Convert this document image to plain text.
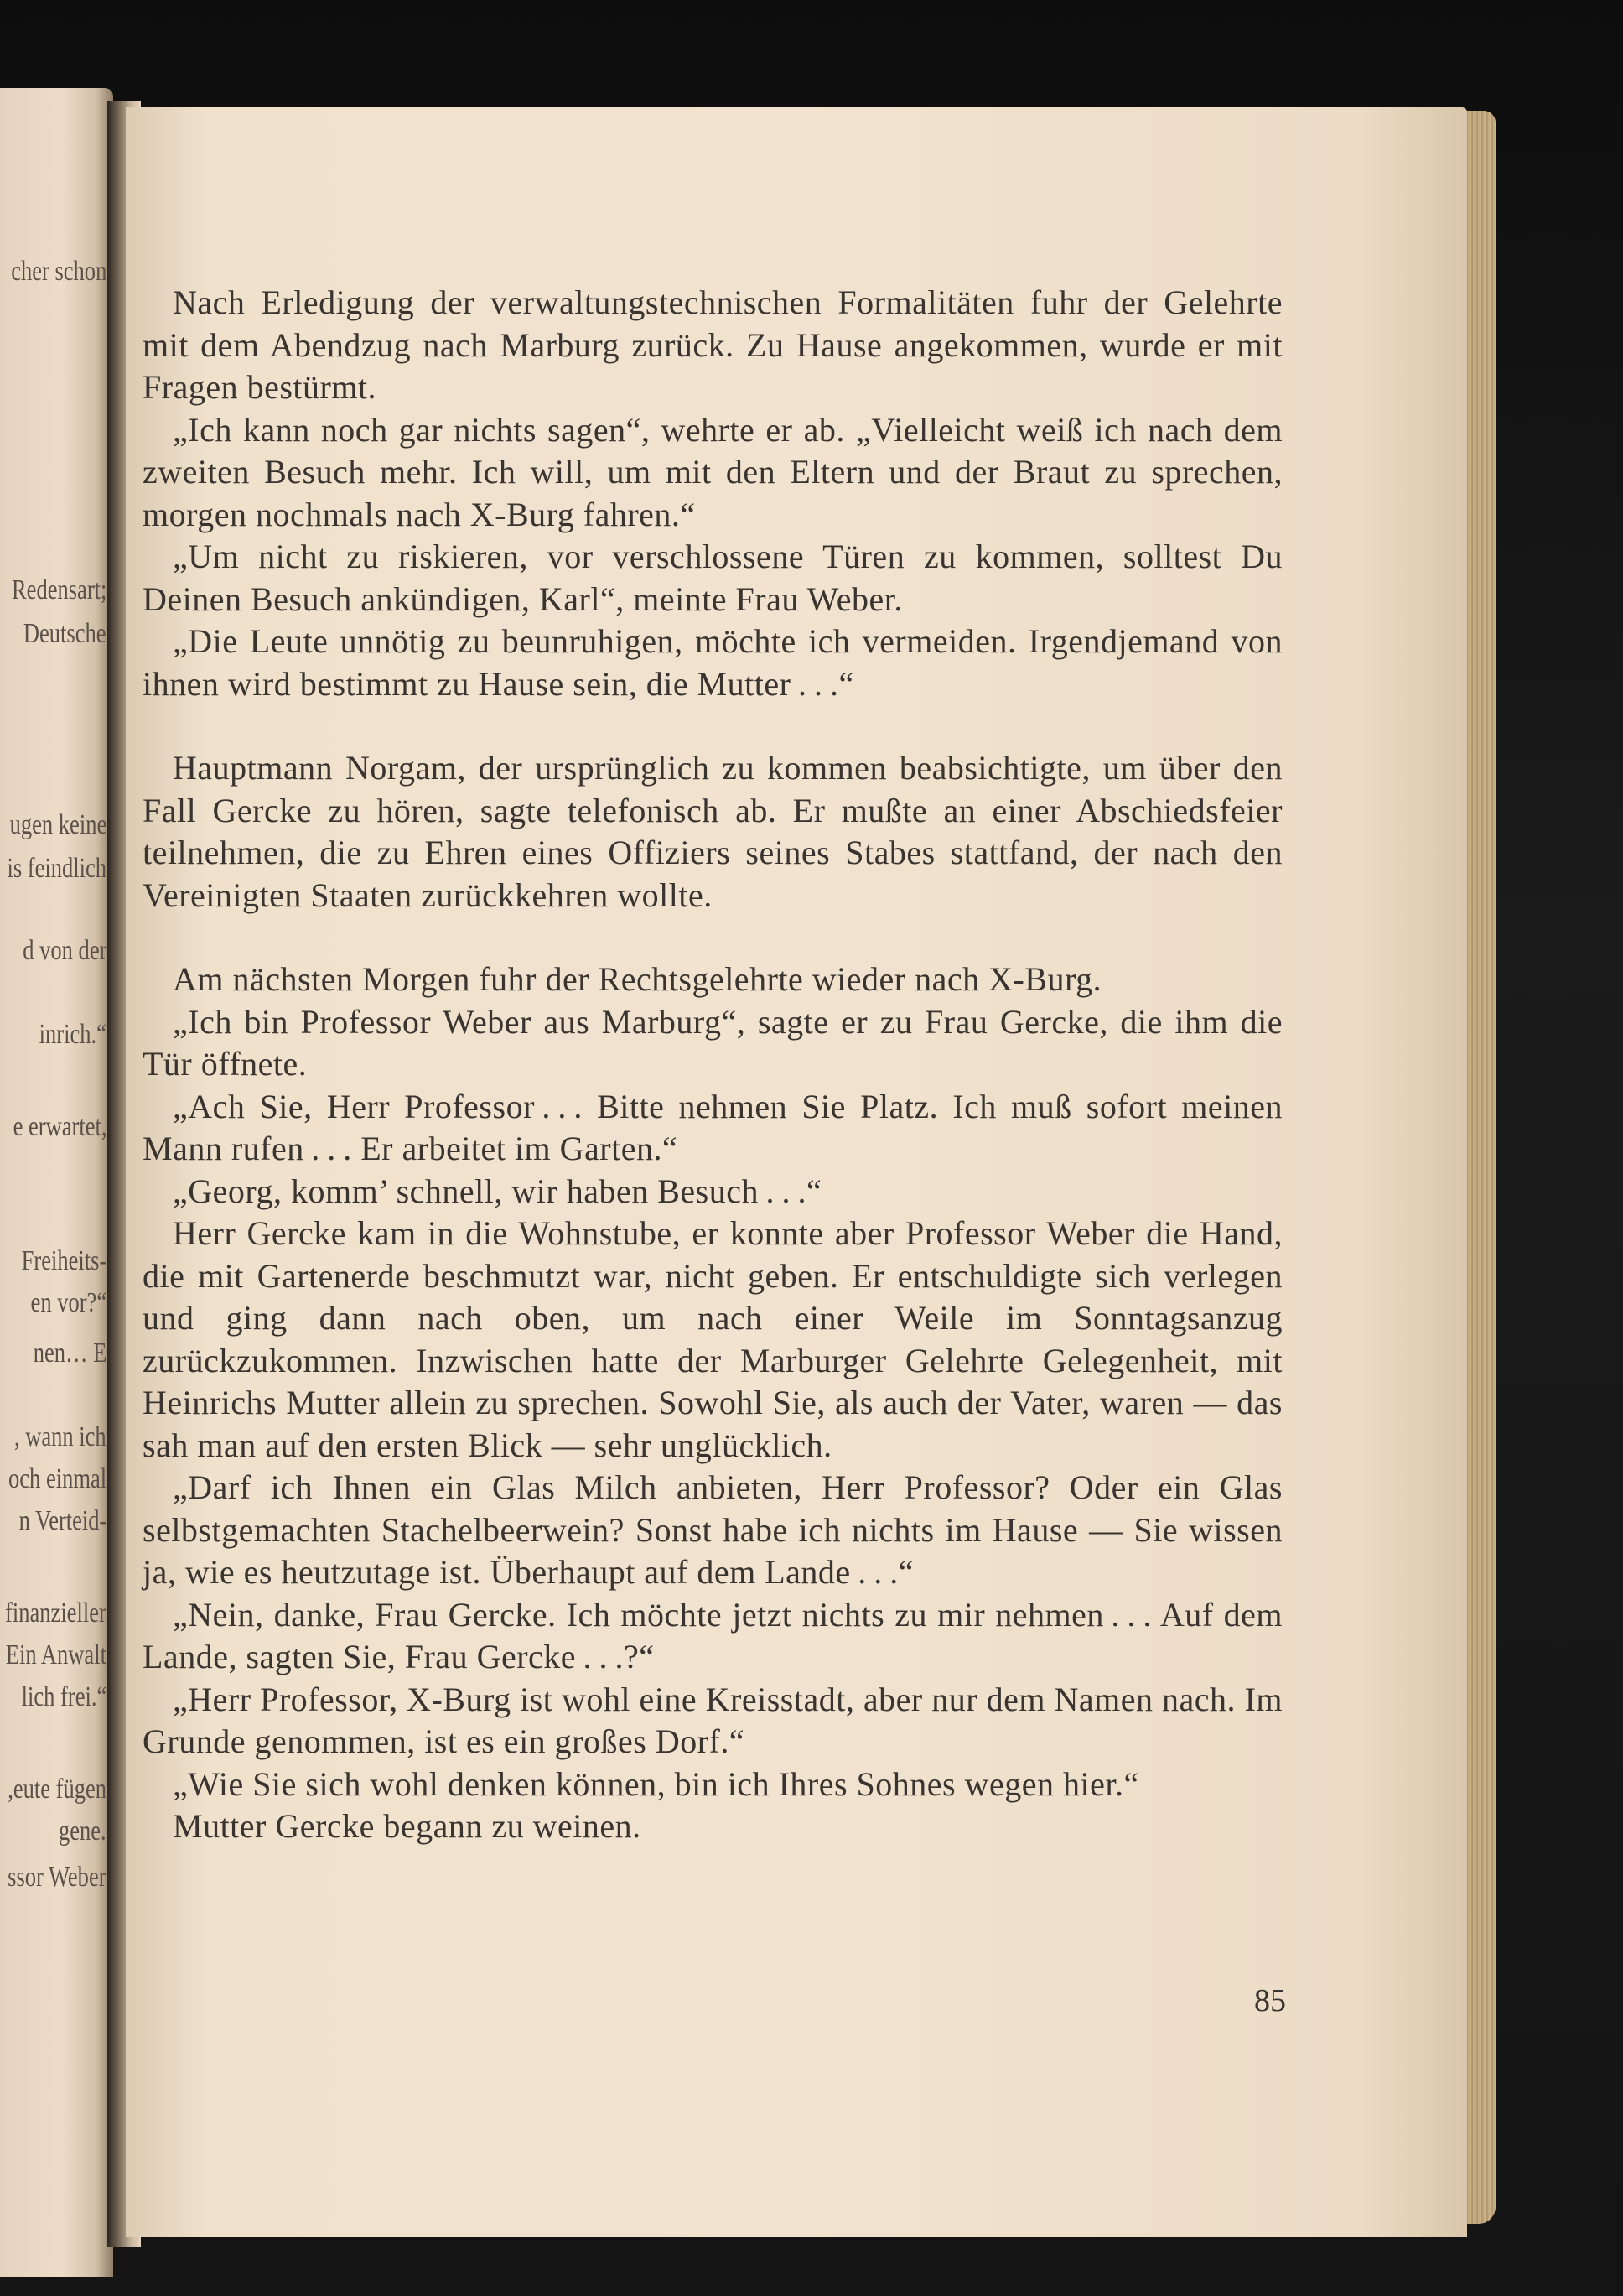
cher schon
Redensart;
Deutsche
ugen keine
is feindlich
d von der
inrich.“
e erwartet,
Freiheits-
en vor?“
nen… E
, wann ich
och einmal
n Verteid-
finanzieller
Ein Anwalt
lich frei.“
,eute fügen
gene.
ssor Weber

Nach Erledigung der verwaltungstechnischen Formalitäten fuhr der Gelehrte mit dem Abendzug nach Marburg zurück. Zu Hause angekommen, wurde er mit Fragen bestürmt.

„Ich kann noch gar nichts sagen“, wehrte er ab. „Vielleicht weiß ich nach dem zweiten Besuch mehr. Ich will, um mit den Eltern und der Braut zu sprechen, morgen nochmals nach X-Burg fahren.“

„Um nicht zu riskieren, vor verschlossene Türen zu kommen, solltest Du Deinen Besuch ankündigen, Karl“, meinte Frau Weber.

„Die Leute unnötig zu beunruhigen, möchte ich vermeiden. Irgendjemand von ihnen wird bestimmt zu Hause sein, die Mutter . . .“

Hauptmann Norgam, der ursprünglich zu kommen beabsichtigte, um über den Fall Gercke zu hören, sagte telefonisch ab. Er mußte an einer Abschiedsfeier teilnehmen, die zu Ehren eines Offiziers seines Stabes stattfand, der nach den Vereinigten Staaten zurückkehren wollte.

Am nächsten Morgen fuhr der Rechtsgelehrte wieder nach X-Burg.

„Ich bin Professor Weber aus Marburg“, sagte er zu Frau Gercke, die ihm die Tür öffnete.

„Ach Sie, Herr Professor . . . Bitte nehmen Sie Platz. Ich muß sofort meinen Mann rufen . . . Er arbeitet im Garten.“

„Georg, komm’ schnell, wir haben Besuch . . .“

Herr Gercke kam in die Wohnstube, er konnte aber Professor Weber die Hand, die mit Gartenerde beschmutzt war, nicht geben. Er entschuldigte sich verlegen und ging dann nach oben, um nach einer Weile im Sonntagsanzug zurückzukommen. Inzwischen hatte der Marburger Gelehrte Gelegenheit, mit Heinrichs Mutter allein zu sprechen. Sowohl Sie, als auch der Vater, waren — das sah man auf den ersten Blick — sehr unglücklich.

„Darf ich Ihnen ein Glas Milch anbieten, Herr Professor? Oder ein Glas selbstgemachten Stachelbeerwein? Sonst habe ich nichts im Hause — Sie wissen ja, wie es heutzutage ist. Überhaupt auf dem Lande . . .“

„Nein, danke, Frau Gercke. Ich möchte jetzt nichts zu mir nehmen . . . Auf dem Lande, sagten Sie, Frau Gercke . . .?“

„Herr Professor, X-Burg ist wohl eine Kreisstadt, aber nur dem Namen nach. Im Grunde genommen, ist es ein großes Dorf.“

„Wie Sie sich wohl denken können, bin ich Ihres Sohnes wegen hier.“

Mutter Gercke begann zu weinen.

85
